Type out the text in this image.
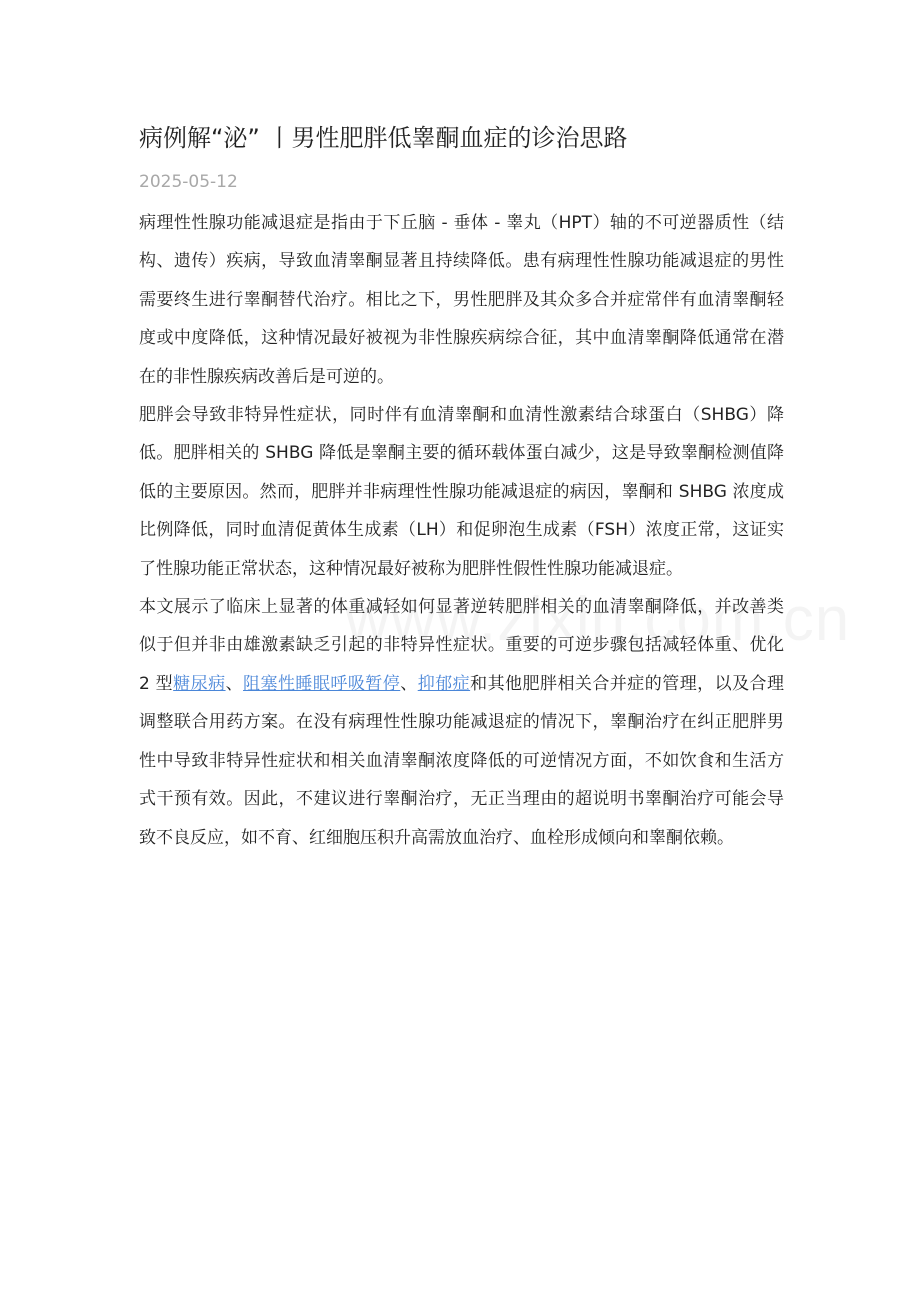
病例解“泌” 丨男性肥胖低睾酮血症的诊治思路
2025-05-12

病理性性腺功能减退症是指由于下丘脑 - 垂体 - 睾丸（HPT）轴的不可逆器质性（结构、遗传）疾病，导致血清睾酮显著且持续降低。患有病理性性腺功能减退症的男性需要终生进行睾酮替代治疗。相比之下，男性肥胖及其众多合并症常伴有血清睾酮轻度或中度降低，这种情况最好被视为非性腺疾病综合征，其中血清睾酮降低通常在潜在的非性腺疾病改善后是可逆的。

肥胖会导致非特异性症状，同时伴有血清睾酮和血清性激素结合球蛋白（SHBG）降低。肥胖相关的 SHBG 降低是睾酮主要的循环载体蛋白减少，这是导致睾酮检测值降低的主要原因。然而，肥胖并非病理性性腺功能减退症的病因，睾酮和 SHBG 浓度成比例降低，同时血清促黄体生成素（LH）和促卵泡生成素（FSH）浓度正常，这证实了性腺功能正常状态，这种情况最好被称为肥胖性假性性腺功能减退症。

本文展示了临床上显著的体重减轻如何显著逆转肥胖相关的血清睾酮降低，并改善类似于但并非由雄激素缺乏引起的非特异性症状。重要的可逆步骤包括减轻体重、优化 2 型糖尿病、阻塞性睡眠呼吸暂停、抑郁症和其他肥胖相关合并症的管理，以及合理调整联合用药方案。在没有病理性性腺功能减退症的情况下，睾酮治疗在纠正肥胖男性中导致非特异性症状和相关血清睾酮浓度降低的可逆情况方面，不如饮食和生活方式干预有效。因此，不建议进行睾酮治疗，无正当理由的超说明书睾酮治疗可能会导致不良反应，如不育、红细胞压积升高需放血治疗、血栓形成倾向和睾酮依赖。
